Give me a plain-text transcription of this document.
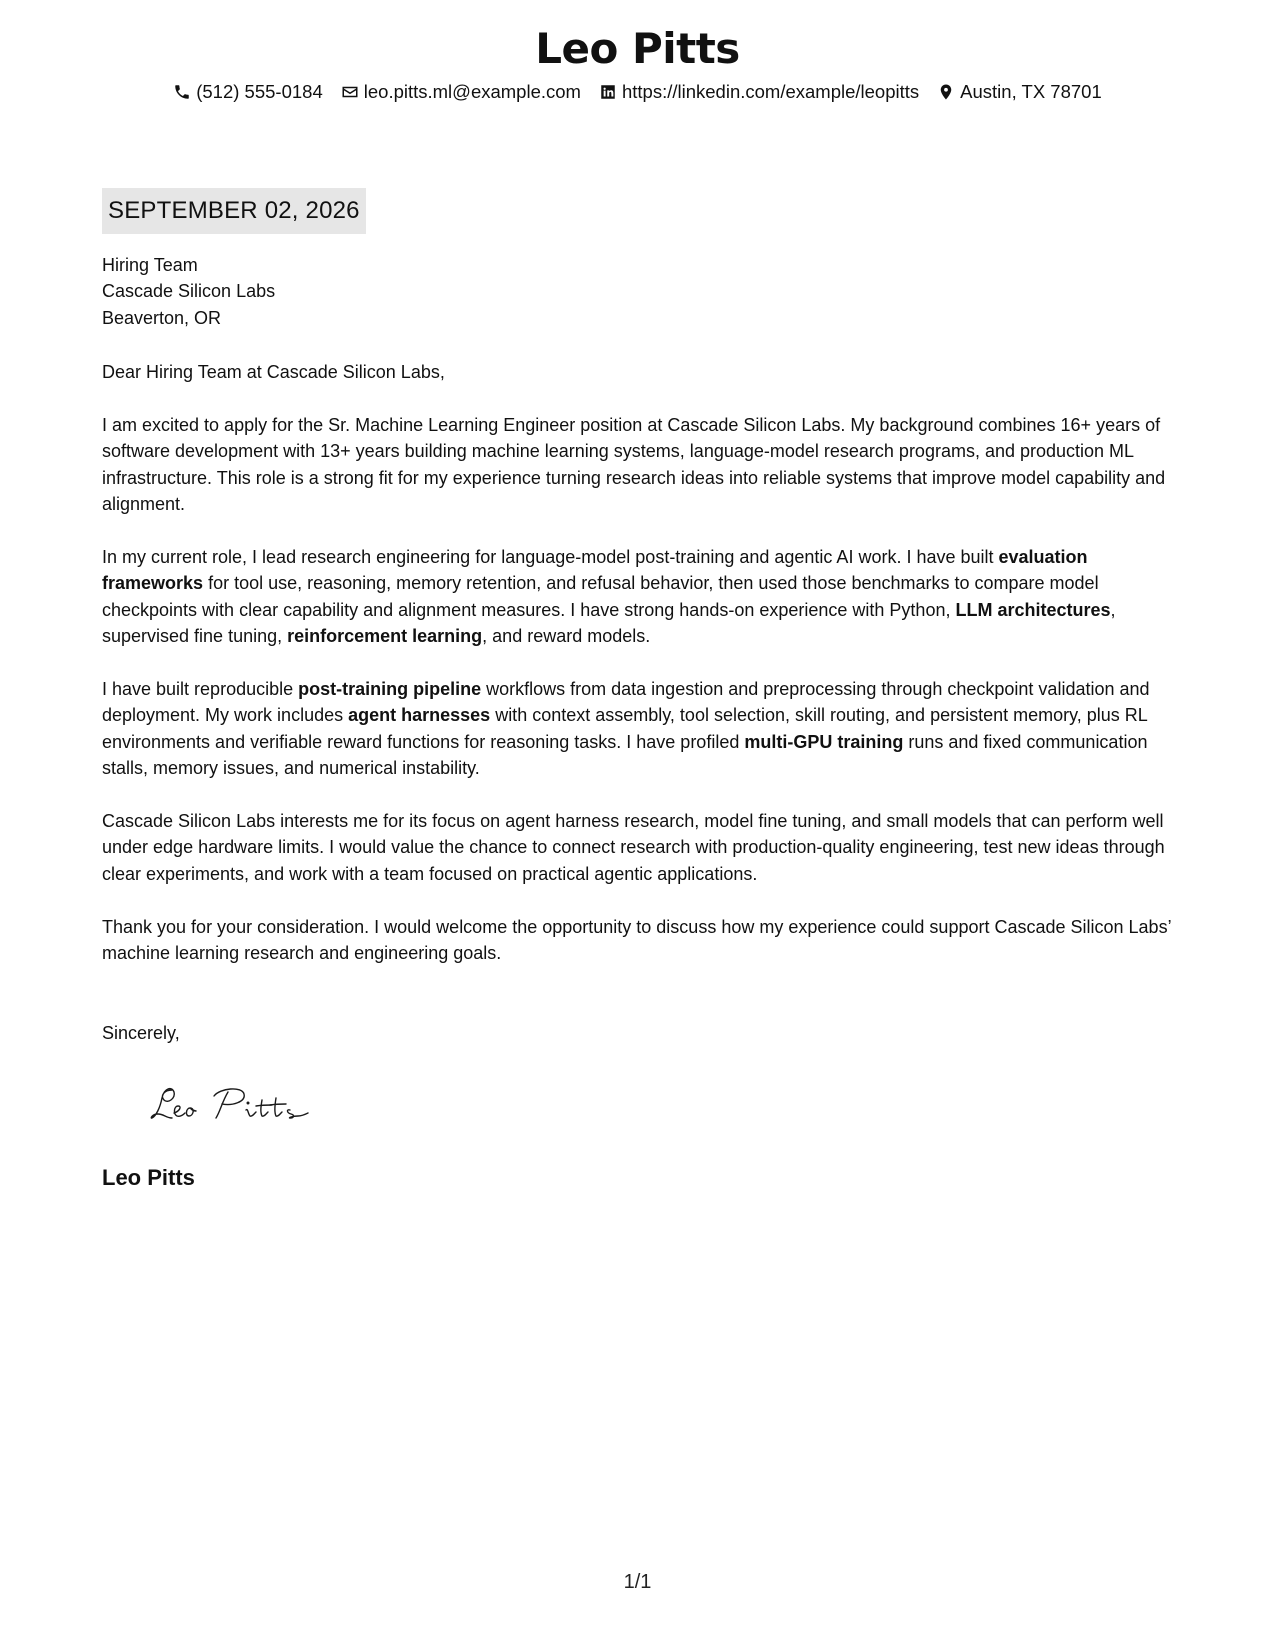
Leo Pitts
(512) 555-0184 leo.pitts.ml@example.com https://linkedin.com/example/leopitts Austin, TX 78701
SEPTEMBER 02, 2026
Hiring Team
Cascade Silicon Labs
Beaverton, OR
Dear Hiring Team at Cascade Silicon Labs,

I am excited to apply for the Sr. Machine Learning Engineer position at Cascade Silicon Labs. My background combines 16+ years of software development with 13+ years building machine learning systems, language-model research programs, and production ML infrastructure. This role is a strong fit for my experience turning research ideas into reliable systems that improve model capability and alignment.

In my current role, I lead research engineering for language-model post-training and agentic AI work. I have built evaluation frameworks for tool use, reasoning, memory retention, and refusal behavior, then used those benchmarks to compare model checkpoints with clear capability and alignment measures. I have strong hands-on experience with Python, LLM architectures, supervised fine tuning, reinforcement learning, and reward models.

I have built reproducible post-training pipeline workflows from data ingestion and preprocessing through checkpoint validation and deployment. My work includes agent harnesses with context assembly, tool selection, skill routing, and persistent memory, plus RL environments and verifiable reward functions for reasoning tasks. I have profiled multi-GPU training runs and fixed communication stalls, memory issues, and numerical instability.

Cascade Silicon Labs interests me for its focus on agent harness research, model fine tuning, and small models that can perform well under edge hardware limits. I would value the chance to connect research with production-quality engineering, test new ideas through clear experiments, and work with a team focused on practical agentic applications.

Thank you for your consideration. I would welcome the opportunity to discuss how my experience could support Cascade Silicon Labs’ machine learning research and engineering goals.

Sincerely,
Leo Pitts
1/1
